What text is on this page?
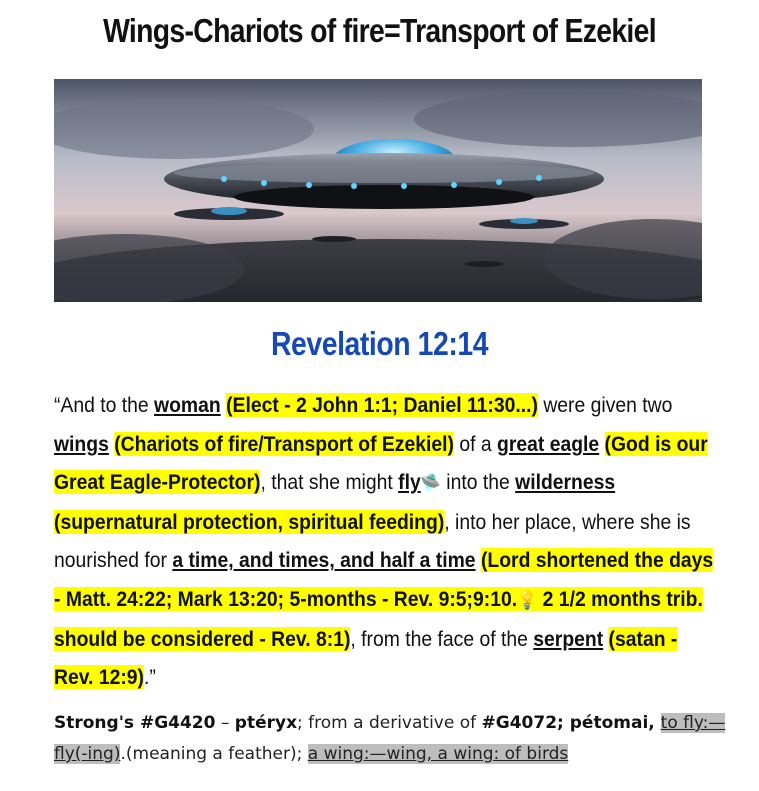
Wings-Chariots of fire=Transport of Ezekiel
Revelation 12:14
“And to the woman (Elect - 2 John 1:1; Daniel 11:30...) were given two wings (Chariots of fire/Transport of Ezekiel) of a great eagle (God is our Great Eagle-Protector), that she might fly🛸 into the wilderness (supernatural protection, spiritual feeding), into her place, where she is nourished for a time, and times, and half a time (Lord shortened the days - Matt. 24:22; Mark 13:20; 5-months - Rev. 9:5;9:10.💡 2 1/2 months trib. should be considered - Rev. 8:1), from the face of the serpent (satan - Rev. 12:9).”
Strong's #G4420 – ptéryx; from a derivative of #G4072; pétomai, to fly:—fly(-ing).(meaning a feather); a wing:—wing, a wing: of birds
